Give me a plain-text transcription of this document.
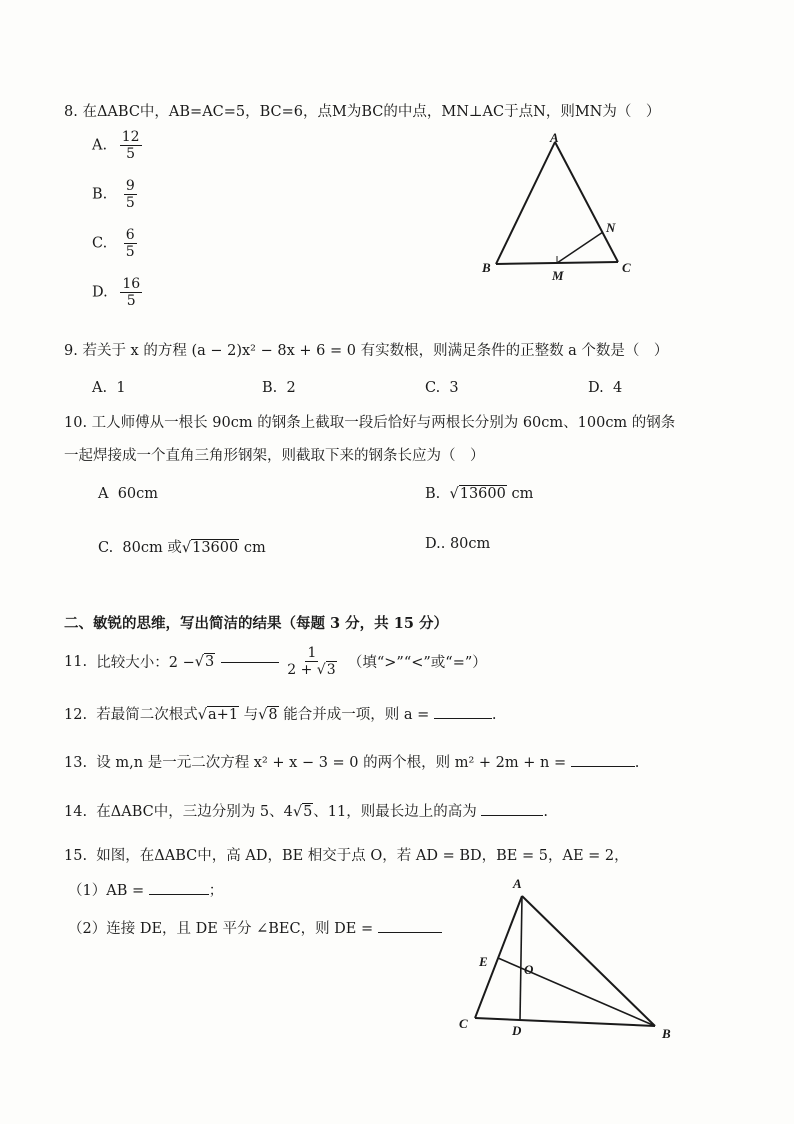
8. 在ΔABC中，AB=AC=5，BC=6，点M为BC的中点，MN⊥AC于点N，则MN为（　）
A. $\frac{12}{5}$
B. $\frac{9}{5}$
C. $\frac{6}{5}$
D. $\frac{16}{5}$
A
B	C
M
N
9. 若关于 x 的方程 (a − 2)x² − 8x + 6 = 0 有实数根，则满足条件的正整数 a 个数是（　）
A. 1	B. 2	C. 3	D. 4
10. 工人师傅从一根长 90cm 的钢条上截取一段后恰好与两根长分别为 60cm、100cm 的钢条
一起焊接成一个直角三角形钢架，则截取下来的钢条长应为（　）
A 60cm	B.  √13600 cm
C. 80cm 或√13600 cm	D.. 80cm
二、敏锐的思维，写出简洁的结果（每题 3 分，共 15 分）
11.
比较大小：2 − √ 3	$\frac{1}{2 + √3}$
（填“>”“<”或“=”）
12. 若最简二次根式√a+1 与√8 能合并成一项，则 a =	.
13. 设 m,n 是一元二次方程 x² + x − 3 = 0 的两个根，则 m² + 2m + n =	.
14. 在ΔABC中，三边分别为 5、4√5、11，则最长边上的高为	.
15. 如图，在ΔABC中，高 AD，BE 相交于点 O，若 AD = BD，BE = 5，AE = 2，
（1）AB =	；
（2）连接 DE，且 DE 平分 ∠BEC，则 DE =
A
B
C	D
E
O
